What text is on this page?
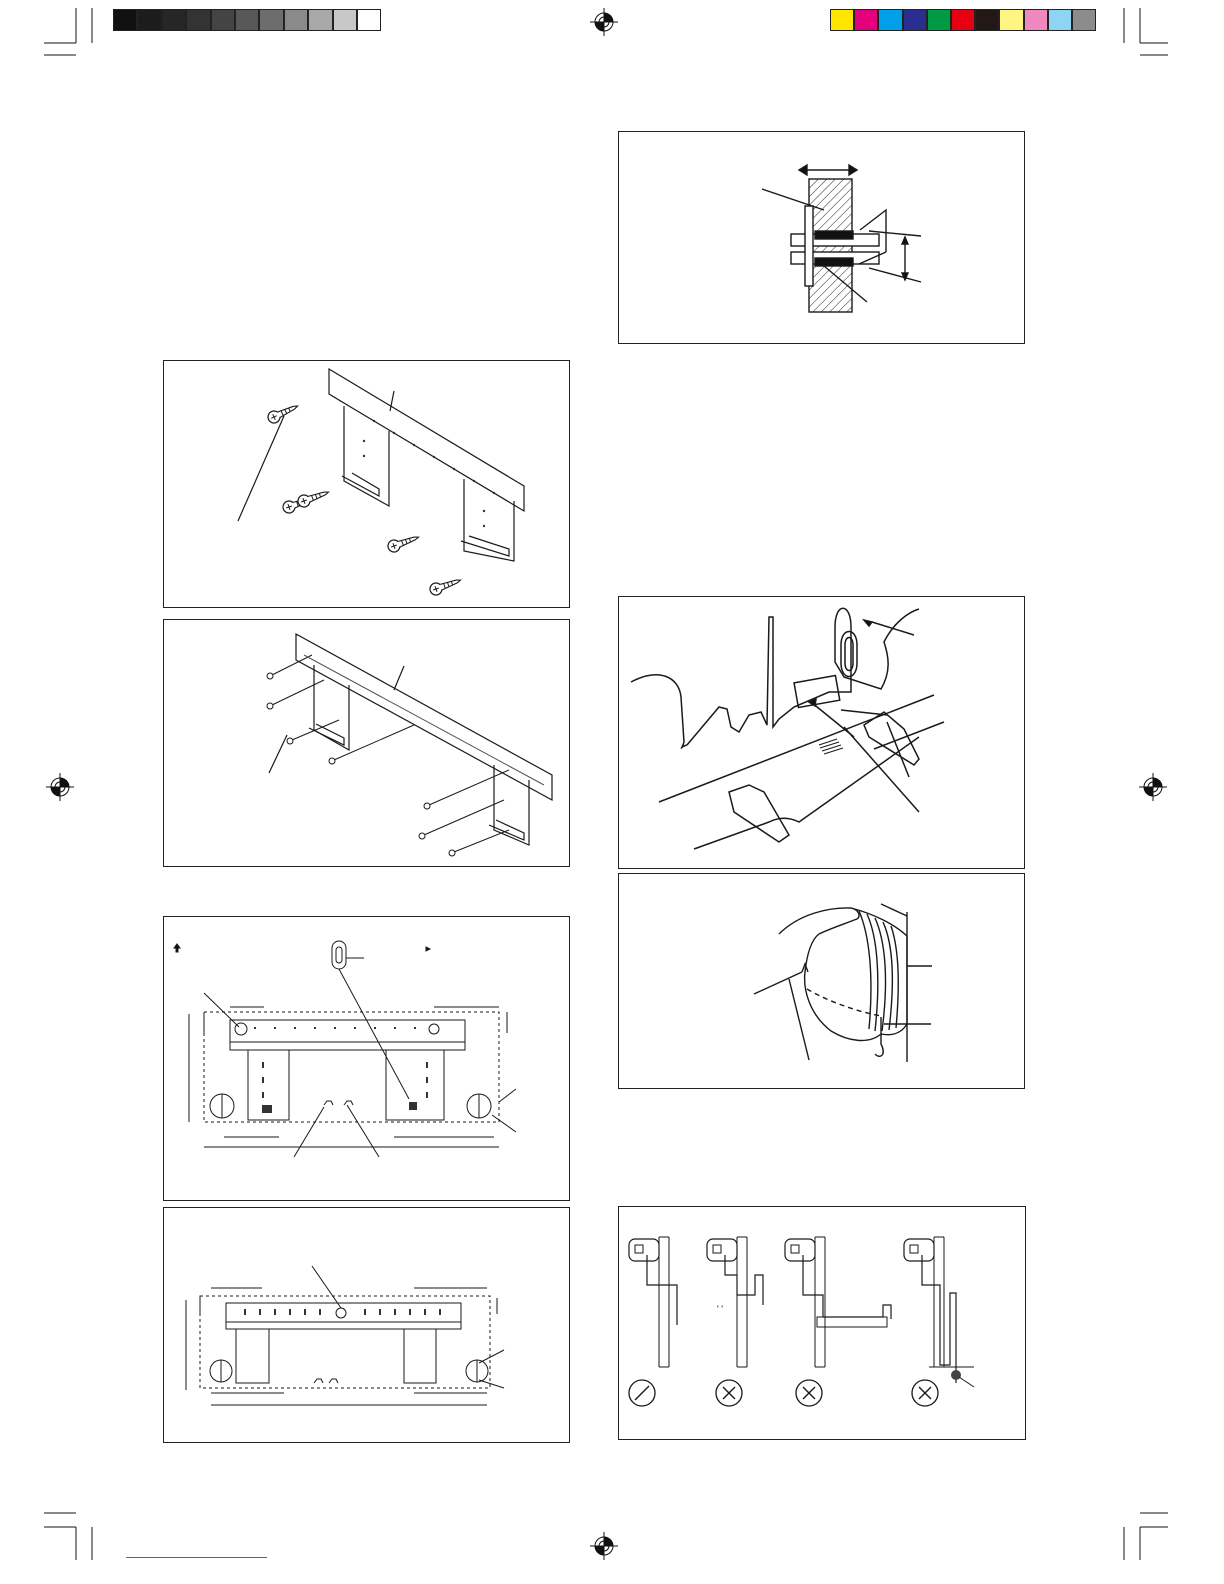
' '
